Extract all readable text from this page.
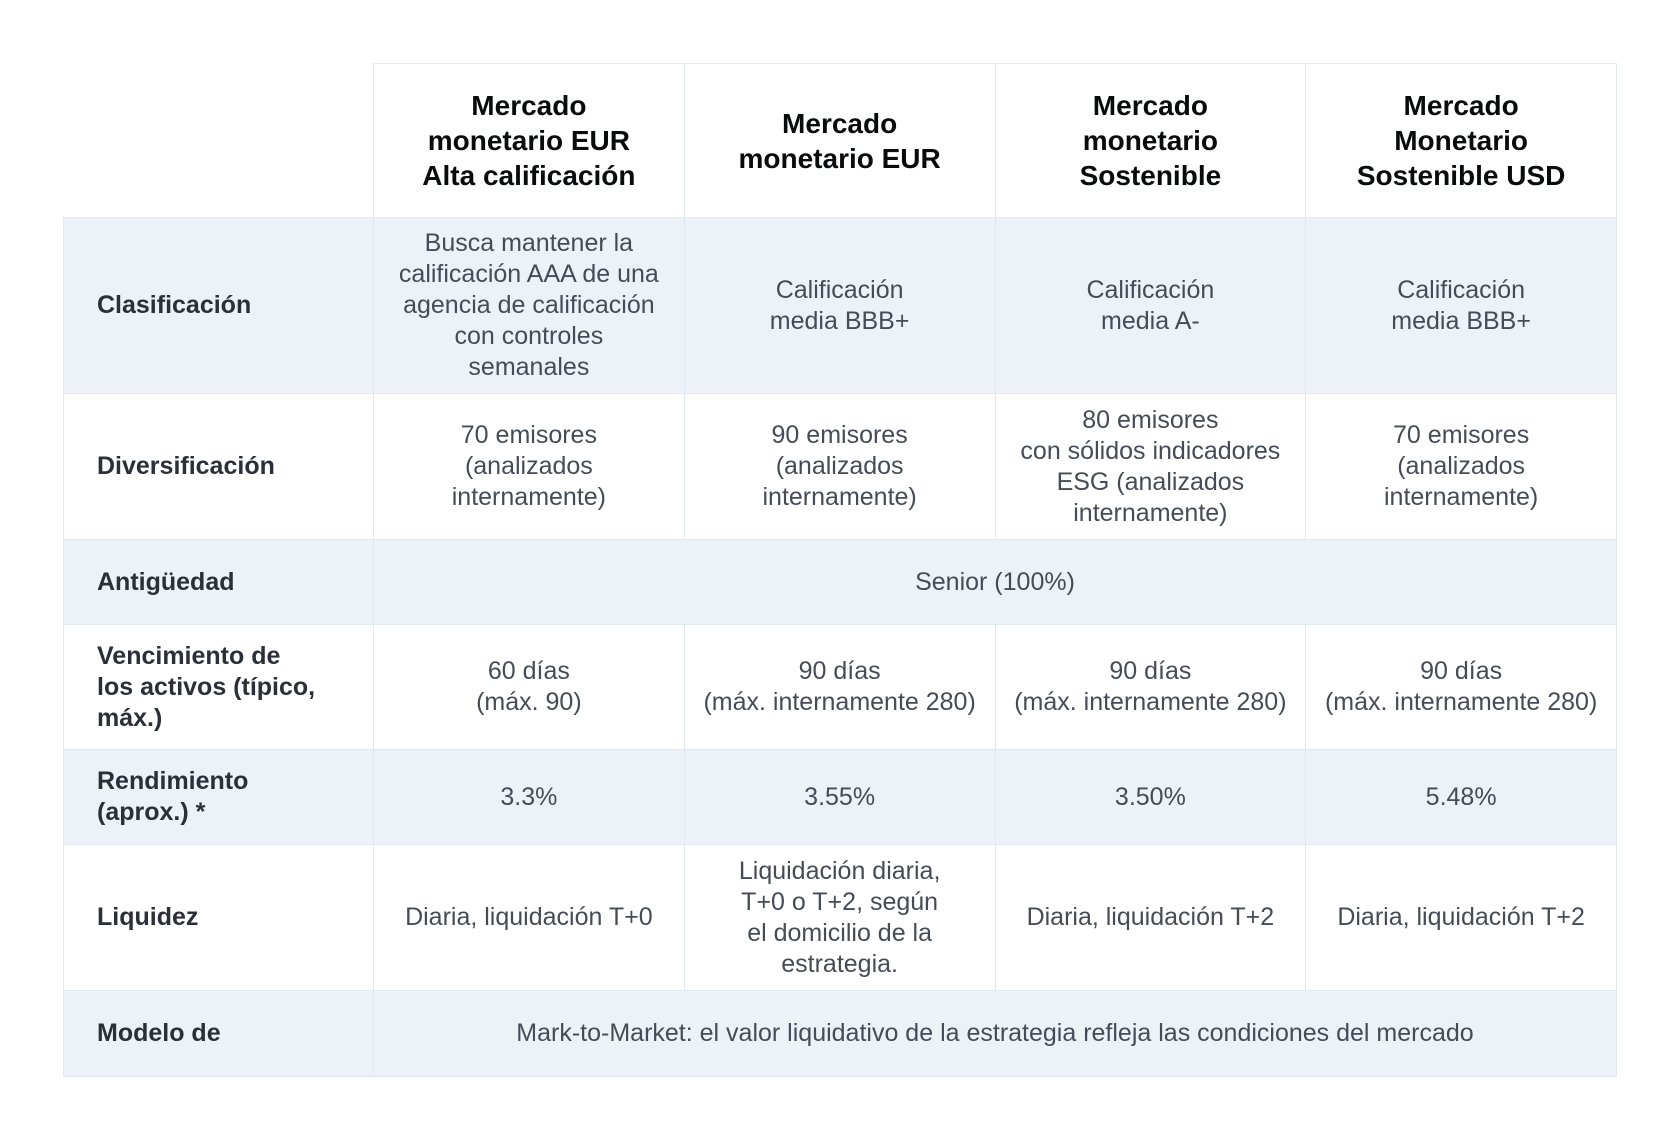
	Mercado
monetario EUR
Alta calificación	Mercado
monetario EUR	Mercado
monetario
Sostenible	Mercado
Monetario
Sostenible USD

Clasificación	Busca mantener la
calificación AAA de una
agencia de calificación
con controles
semanales	Calificación
media BBB+	Calificación
media A-	Calificación
media BBB+

Diversificación	70 emisores
(analizados
internamente)	90 emisores
(analizados
internamente)	80 emisores
con sólidos indicadores
ESG (analizados
internamente)	70 emisores
(analizados
internamente)

Antigüedad	Senior (100%)			

Vencimiento de
los activos (típico,
máx.)	60 días
(máx. 90)	90 días
(máx. internamente 280)	90 días
(máx. internamente 280)	90 días
(máx. internamente 280)

Rendimiento
(aprox.) *	3.3%	3.55%	3.50%	5.48%
Liquidez	Diaria, liquidación T+0	Liquidación diaria,
T+0 o T+2, según
el domicilio de la
estrategia.	Diaria, liquidación T+2	Diaria, liquidación T+2

Modelo de	Mark-to-Market: el valor liquidativo de la estrategia refleja las condiciones del mercado			
